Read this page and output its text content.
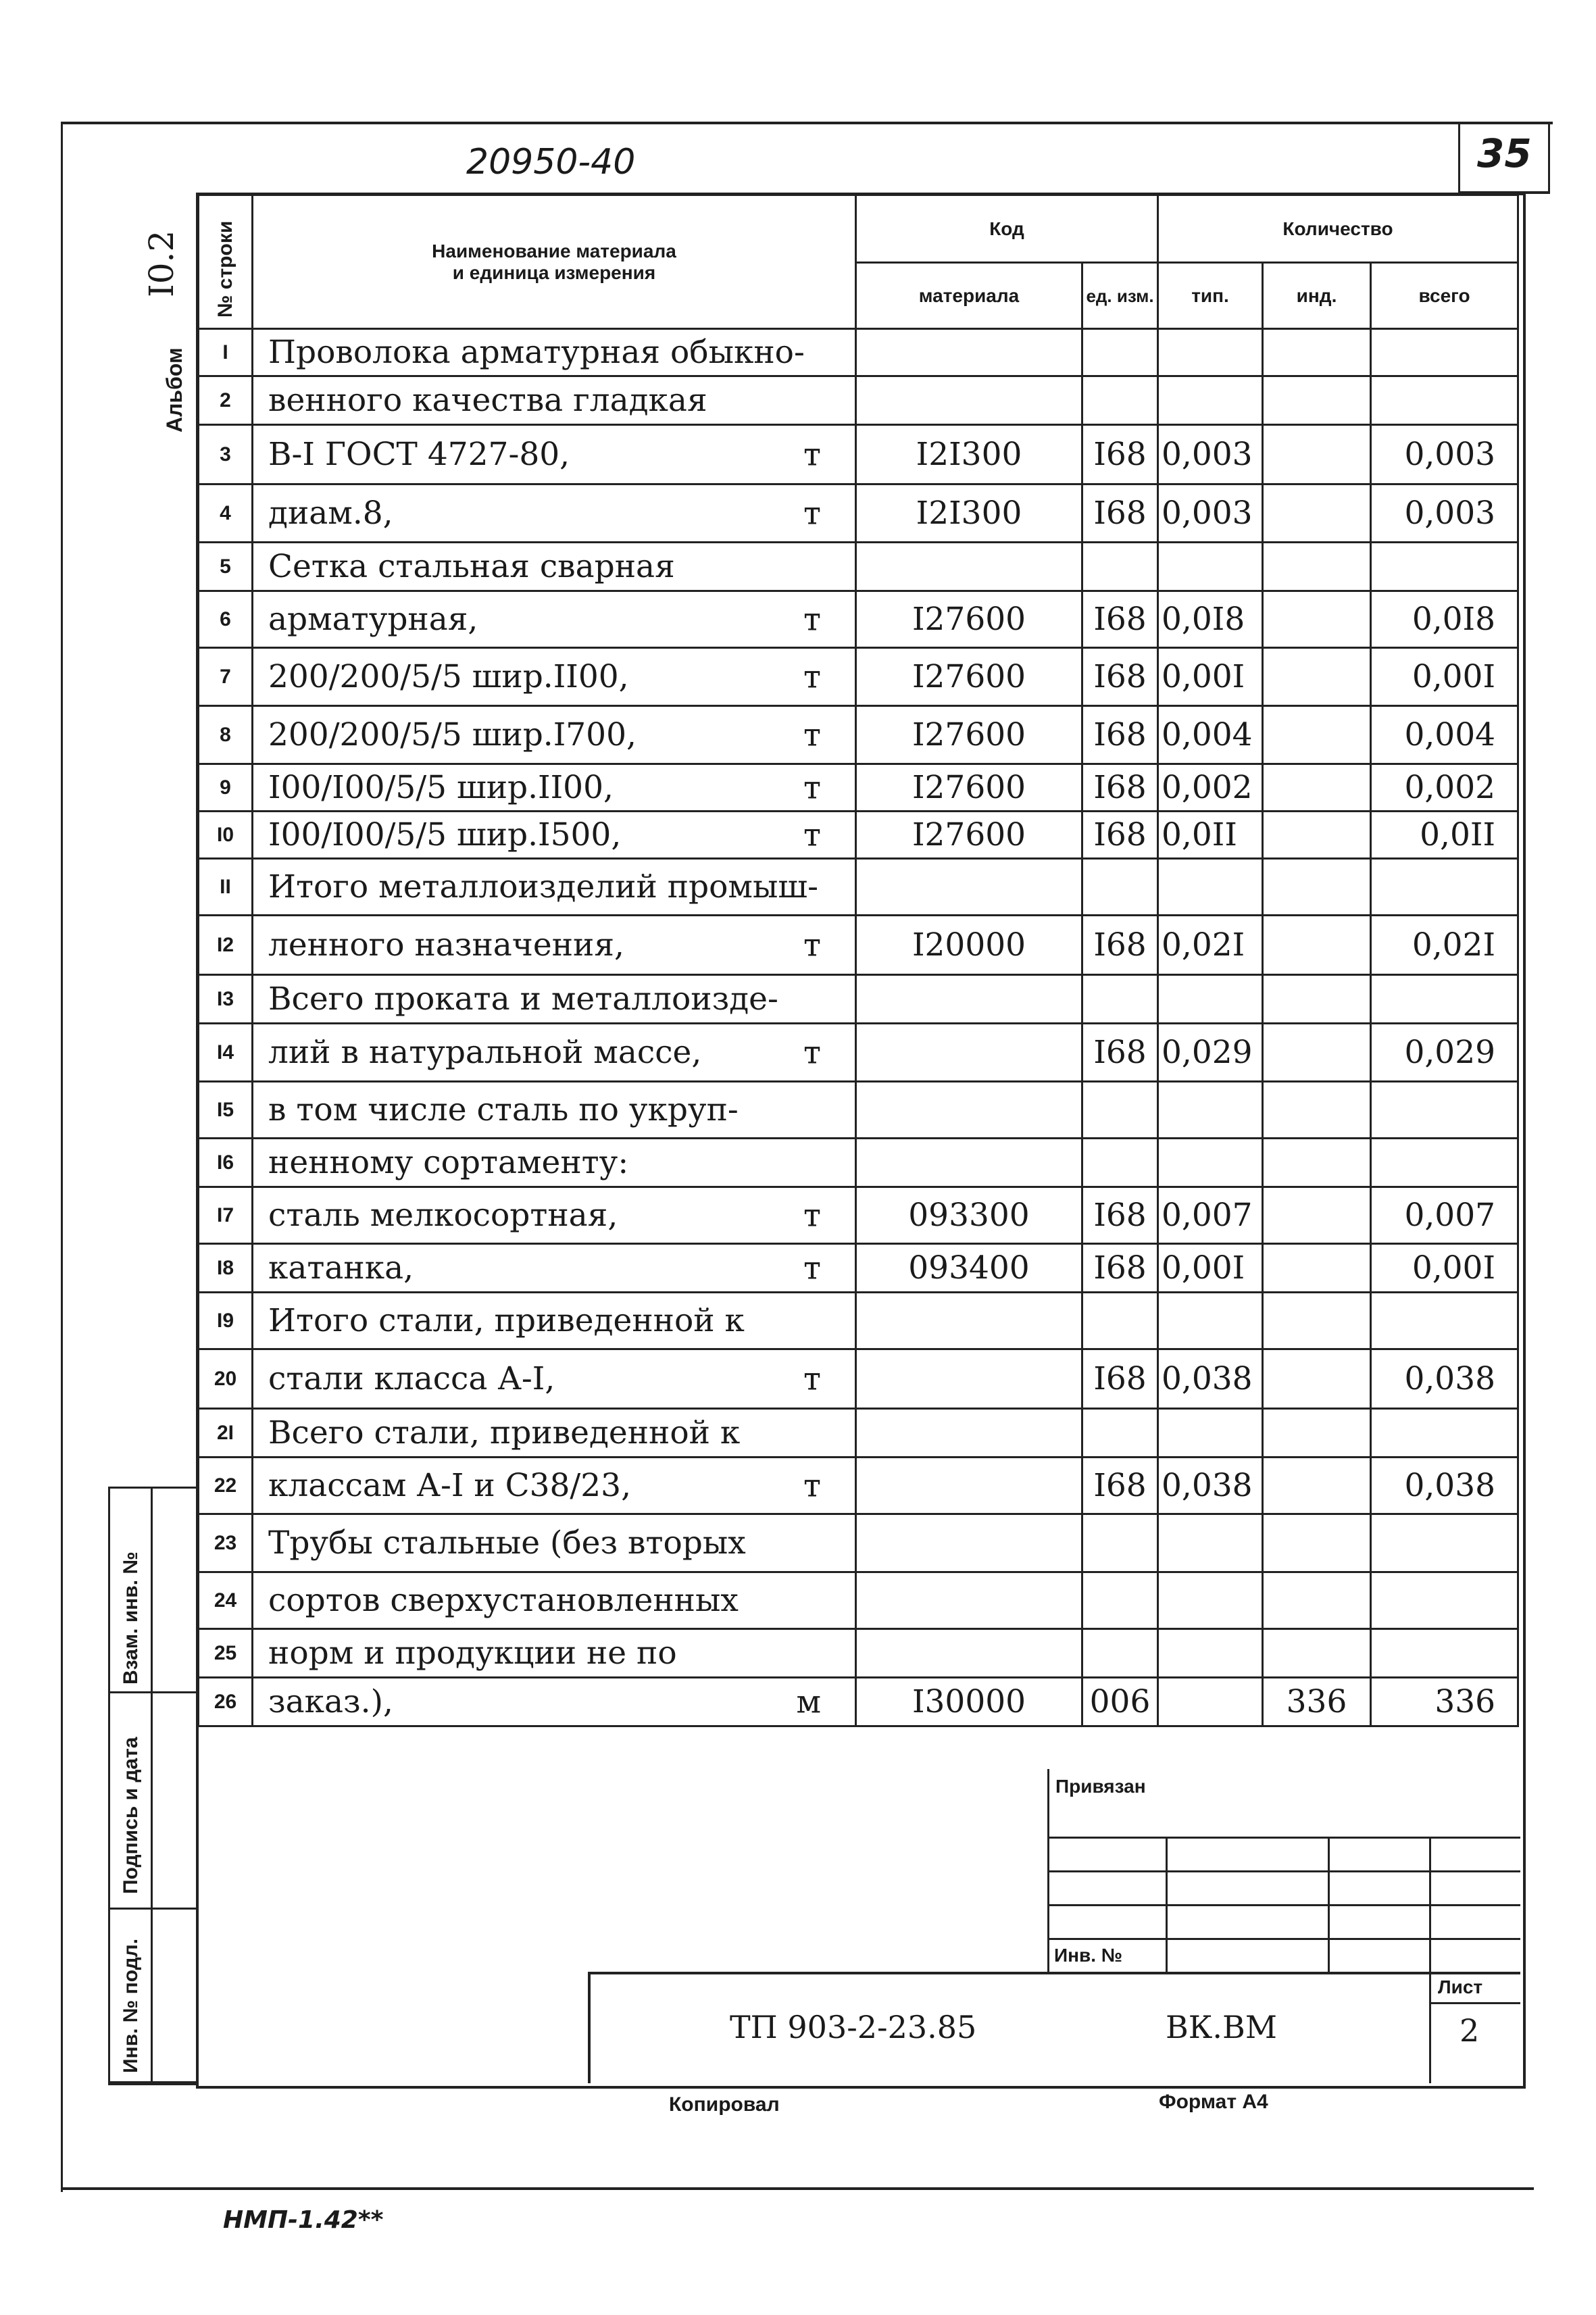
20950-40	35
Альбом
I0.2 № строки	Наименование материала
и единица измерения	Код		Количество		
		материала	ед. изм.	тип.	инд.	всего
I	Проволока арматурная обыкно-

2	венного качества гладкая

3	В-I ГОСТ 4727-80, т	I2I300	I68	0,003		0,003
4	диам.8, т	I2I300	I68	0,003		0,003
5	Сетка стальная сварная

6	арматурная, т	I27600	I68	0,0I8		0,0I8
7	200/200/5/5 шир.II00, т	I27600	I68	0,00I		0,00I
8	200/200/5/5 шир.I700, т	I27600	I68	0,004		0,004
9	I00/I00/5/5 шир.II00, т	I27600	I68	0,002		0,002
I0	I00/I00/5/5 шир.I500, т	I27600	I68	0,0II		0,0II
II	Итого металлоизделий промыш-

I2	ленного назначения, т	I20000	I68	0,02I		0,02I
I3	Всего проката и металлоизде-

I4	лий в натуральной массе, т		I68	0,029		0,029
I5	в том числе сталь по укруп-

I6	ненному сортаменту:

I7	сталь мелкосортная, т	093300	I68	0,007		0,007
I8	катанка, т	093400	I68	0,00I		0,00I
I9	Итого стали, приведенной к

20	стали класса А-I, т		I68	0,038		0,038
2I	Всего стали, приведенной к

22	классам А-I и С38/23, т		I68	0,038		0,038
23	Трубы стальные (без вторых

24	сортов сверхустановленных

25	норм и продукции не по

26	заказ.), м	I30000	006		336	336
Взам. инв. №
Подпись и дата
Инв. № подл.
Привязан
Инв. №
Лист
2
ТП 903-2-23.85	ВК.ВМ
Копировал	Формат А4
НМП-1.42**
